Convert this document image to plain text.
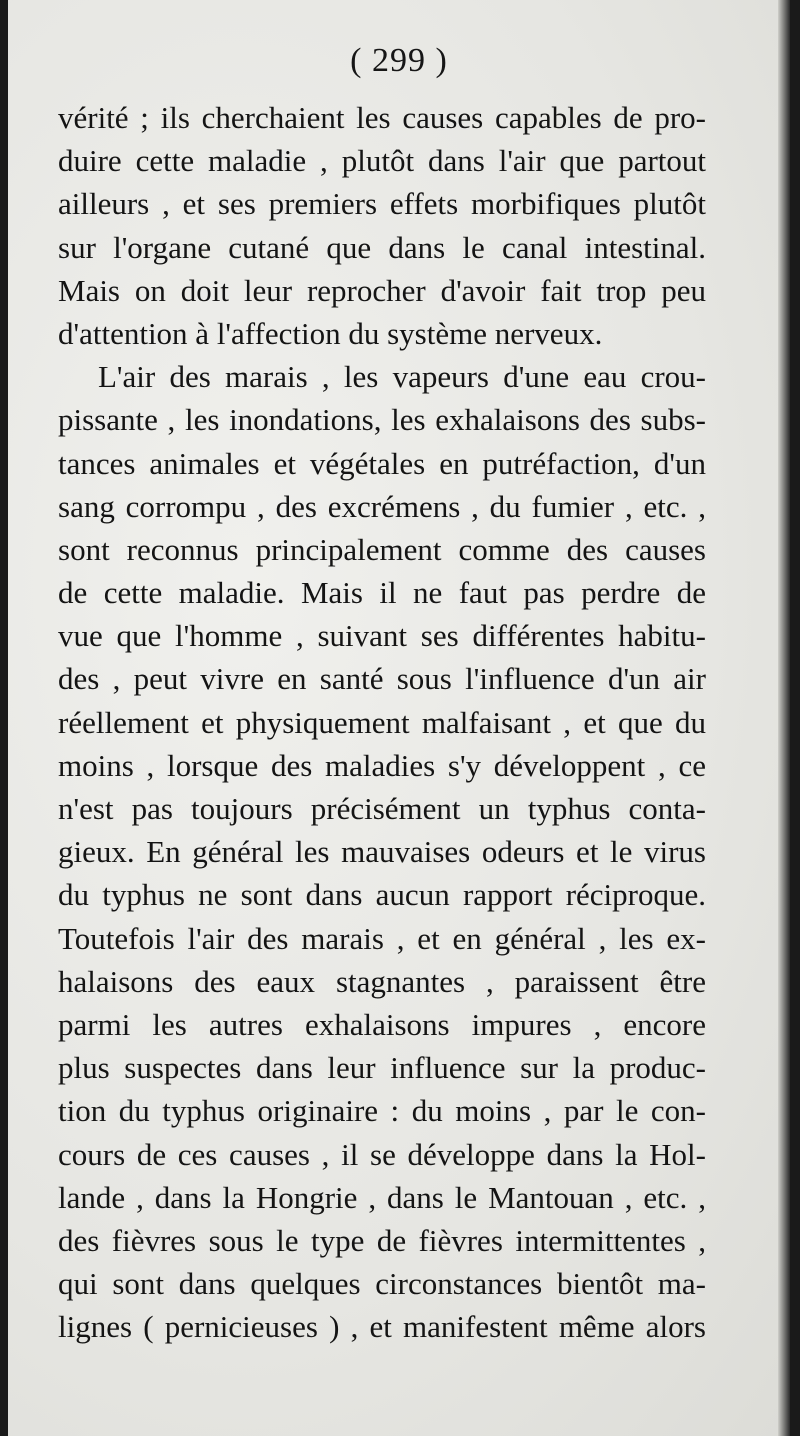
( 299 )
vérité ; ils cherchaient les causes capables de pro-
duire cette maladie , plutôt dans l'air que partout
ailleurs , et ses premiers effets morbifiques plutôt
sur l'organe cutané que dans le canal intestinal.
Mais on doit leur reprocher d'avoir fait trop peu
d'attention à l'affection du système nerveux.
L'air des marais , les vapeurs d'une eau crou-
pissante , les inondations, les exhalaisons des subs-
tances animales et végétales en putréfaction, d'un
sang corrompu , des excrémens , du fumier , etc. ,
sont reconnus principalement comme des causes
de cette maladie. Mais il ne faut pas perdre de
vue que l'homme , suivant ses différentes habitu-
des , peut vivre en santé sous l'influence d'un air
réellement et physiquement malfaisant , et que du
moins , lorsque des maladies s'y développent , ce
n'est pas toujours précisément un typhus conta-
gieux. En général les mauvaises odeurs et le virus
du typhus ne sont dans aucun rapport réciproque.
Toutefois l'air des marais , et en général , les ex-
halaisons des eaux stagnantes , paraissent être
parmi les autres exhalaisons impures , encore
plus suspectes dans leur influence sur la produc-
tion du typhus originaire : du moins , par le con-
cours de ces causes , il se développe dans la Hol-
lande , dans la Hongrie , dans le Mantouan , etc. ,
des fièvres sous le type de fièvres intermittentes ,
qui sont dans quelques circonstances bientôt ma-
lignes ( pernicieuses ) , et manifestent même alors
